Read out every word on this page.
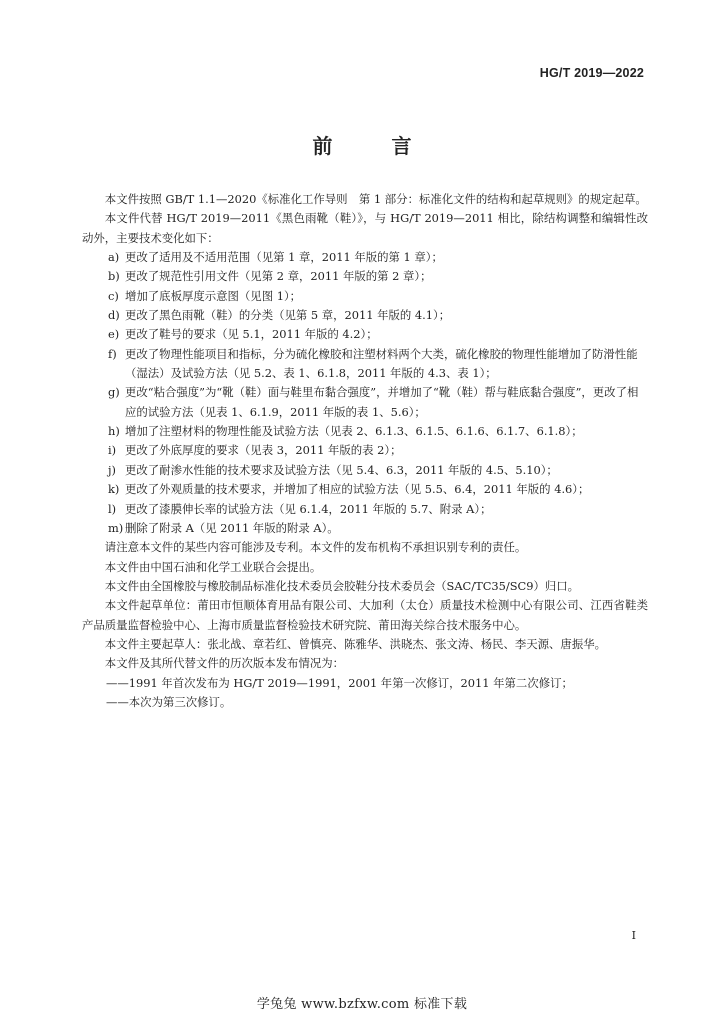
HG/T 2019—2022
前 言

本文件按照 GB/T 1.1—2020《标准化工作导则　第 1 部分：标准化文件的结构和起草规则》的规定起草。

本文件代替 HG/T 2019—2011《黑色雨靴（鞋）》，与 HG/T 2019—2011 相比，除结构调整和编辑性改动外，主要技术变化如下：

a) 更改了适用及不适用范围（见第 1 章，2011 年版的第 1 章）；
b) 更改了规范性引用文件（见第 2 章，2011 年版的第 2 章）；
c) 增加了底板厚度示意图（见图 1）；
d) 更改了黑色雨靴（鞋）的分类（见第 5 章，2011 年版的 4.1）；
e) 更改了鞋号的要求（见 5.1，2011 年版的 4.2）；
f) 更改了物理性能项目和指标，分为硫化橡胶和注塑材料两个大类，硫化橡胶的物理性能增加了防滑性能（湿法）及试验方法（见 5.2、表 1、6.1.8，2011 年版的 4.3、表 1）；
g) 更改“粘合强度”为“靴（鞋）面与鞋里布黏合强度”，并增加了“靴（鞋）帮与鞋底黏合强度”，更改了相应的试验方法（见表 1、6.1.9，2011 年版的表 1、5.6）；
h) 增加了注塑材料的物理性能及试验方法（见表 2、6.1.3、6.1.5、6.1.6、6.1.7、6.1.8）；
i) 更改了外底厚度的要求（见表 3，2011 年版的表 2）；
j) 更改了耐渗水性能的技术要求及试验方法（见 5.4、6.3，2011 年版的 4.5、5.10）；
k) 更改了外观质量的技术要求，并增加了相应的试验方法（见 5.5、6.4，2011 年版的 4.6）；
l) 更改了漆膜伸长率的试验方法（见 6.1.4，2011 年版的 5.7、附录 A）；
m) 删除了附录 A（见 2011 年版的附录 A）。

请注意本文件的某些内容可能涉及专利。本文件的发布机构不承担识别专利的责任。

本文件由中国石油和化学工业联合会提出。

本文件由全国橡胶与橡胶制品标准化技术委员会胶鞋分技术委员会（SAC/TC35/SC9）归口。

本文件起草单位：莆田市恒顺体育用品有限公司、大加利（太仓）质量技术检测中心有限公司、江西省鞋类产品质量监督检验中心、上海市质量监督检验技术研究院、莆田海关综合技术服务中心。

本文件主要起草人：张北战、章若红、曾慎亮、陈雅华、洪晓杰、张文涛、杨民、李天源、唐振华。

本文件及其所代替文件的历次版本发布情况为：

——1991 年首次发布为 HG/T 2019—1991，2001 年第一次修订，2011 年第二次修订；

——本次为第三次修订。

I
学兔兔 www.bzfxw.com 标准下载
